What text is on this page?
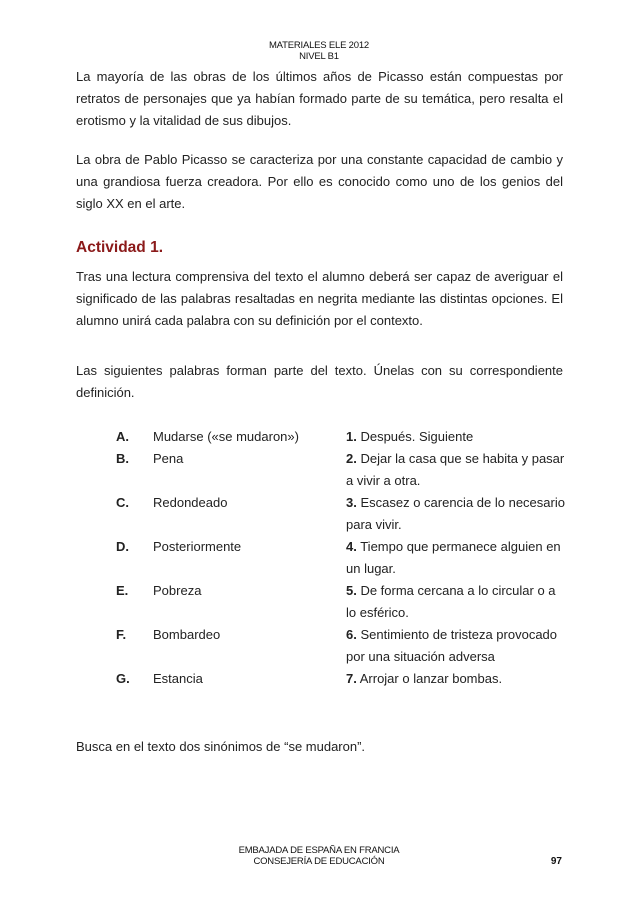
MATERIALES ELE 2012
NIVEL B1

La mayoría de las obras de los últimos años de Picasso están compuestas por retratos de personajes que ya habían formado parte de su temática, pero resalta el erotismo y la vitalidad de sus dibujos.

La obra de Pablo Picasso se caracteriza por una constante capacidad de cambio y una grandiosa fuerza creadora. Por ello es conocido como uno de los genios del siglo XX en el arte.

Actividad 1.

Tras una lectura comprensiva del texto el alumno deberá ser capaz de averiguar el significado de las palabras resaltadas en negrita mediante las distintas opciones. El alumno unirá cada palabra con su definición por el contexto.

Las siguientes palabras forman parte del texto. Únelas con su correspondiente definición.

A. Mudarse («se mudaron»)	1. Después. Siguiente
B. Pena	2. Dejar la casa que se habita y pasar a vivir a otra.
C. Redondeado	3. Escasez o carencia de lo necesario para vivir.
D. Posteriormente	4. Tiempo que permanece alguien en un lugar.
E. Pobreza	5. De forma cercana a lo circular o a lo esférico.
F. Bombardeo	6. Sentimiento de tristeza provocado por una situación adversa
G. Estancia	7. Arrojar o lanzar bombas.

Busca en el texto dos sinónimos de “se mudaron”.

EMBAJADA DE ESPAÑA EN FRANCIA
CONSEJERÍA DE EDUCACIÓN	97
